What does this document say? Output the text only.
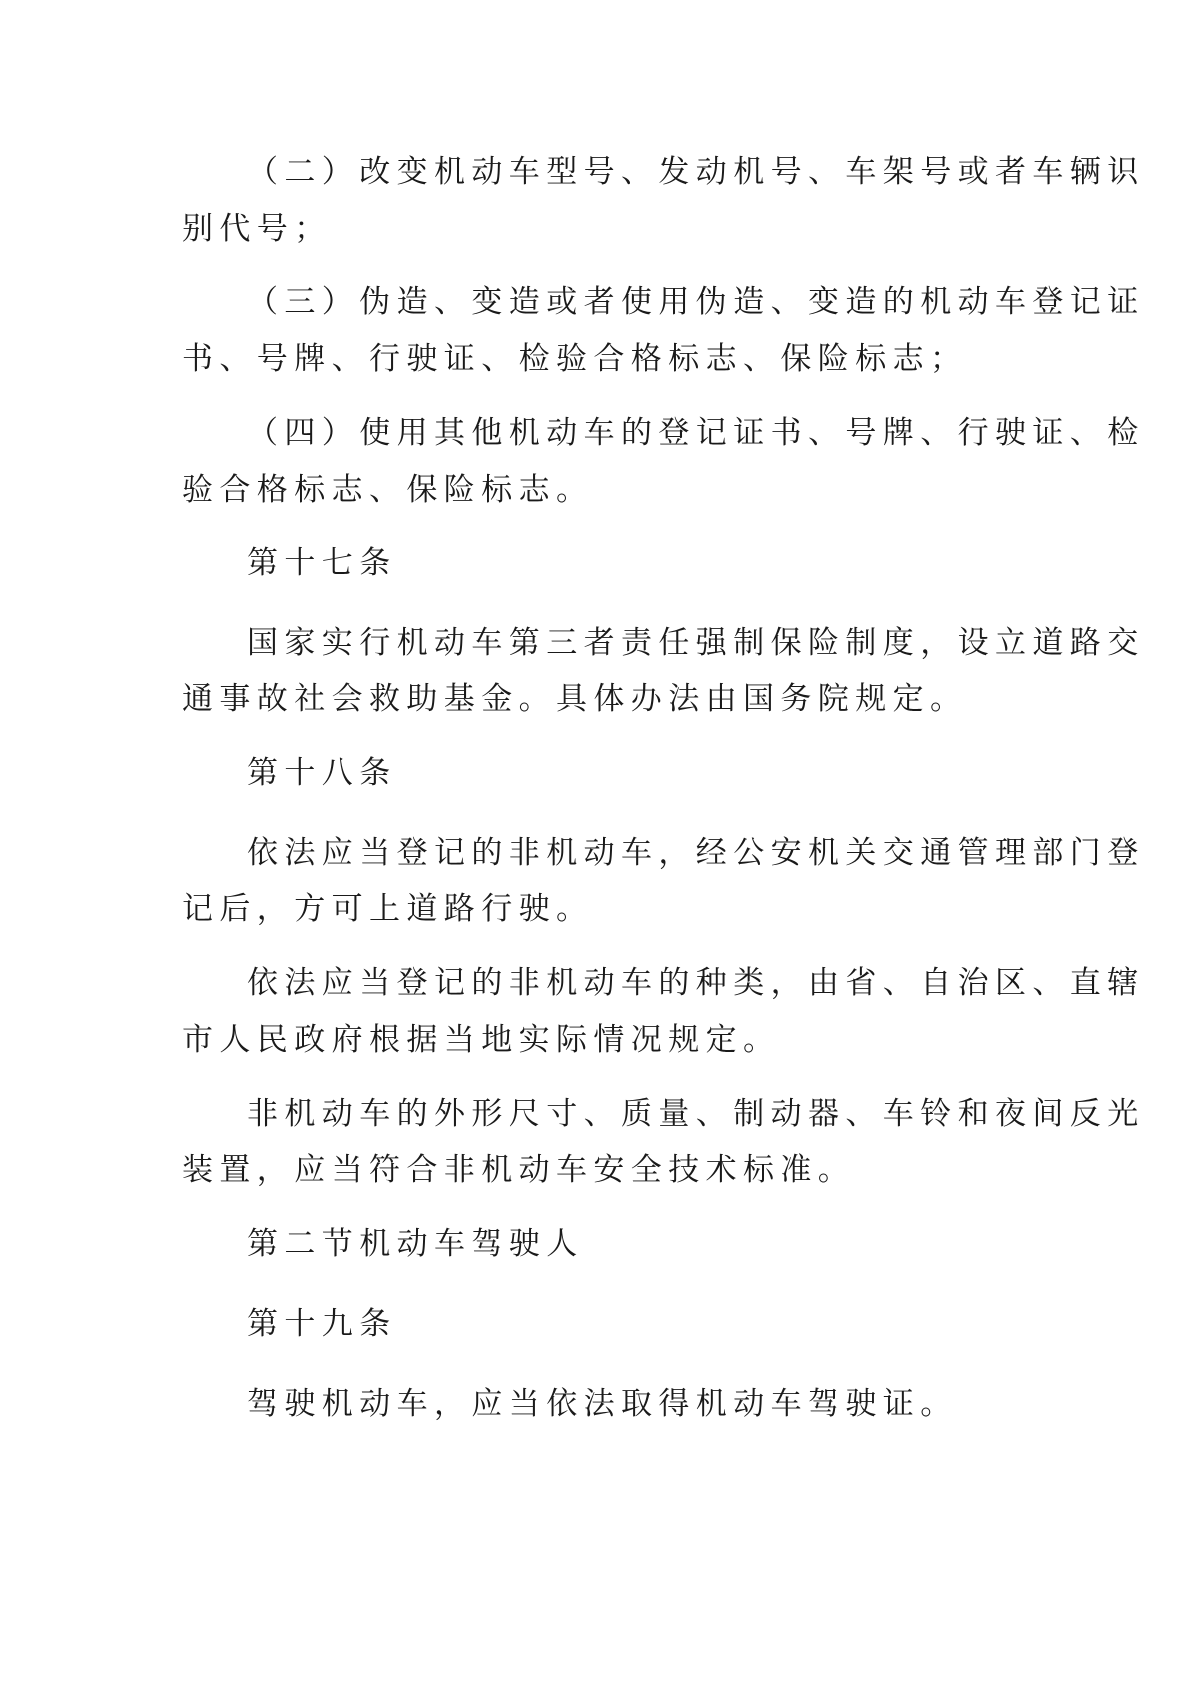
（二）改变机动车型号、发动机号、车架号或者车辆识
别代号；
（三）伪造、变造或者使用伪造、变造的机动车登记证
书、号牌、行驶证、检验合格标志、保险标志；
（四）使用其他机动车的登记证书、号牌、行驶证、检
验合格标志、保险标志。
第十七条
国家实行机动车第三者责任强制保险制度，设立道路交
通事故社会救助基金。具体办法由国务院规定。
第十八条
依法应当登记的非机动车，经公安机关交通管理部门登
记后，方可上道路行驶。
依法应当登记的非机动车的种类，由省、自治区、直辖
市人民政府根据当地实际情况规定。
非机动车的外形尺寸、质量、制动器、车铃和夜间反光
装置，应当符合非机动车安全技术标准。
第二节机动车驾驶人
第十九条
驾驶机动车，应当依法取得机动车驾驶证。
